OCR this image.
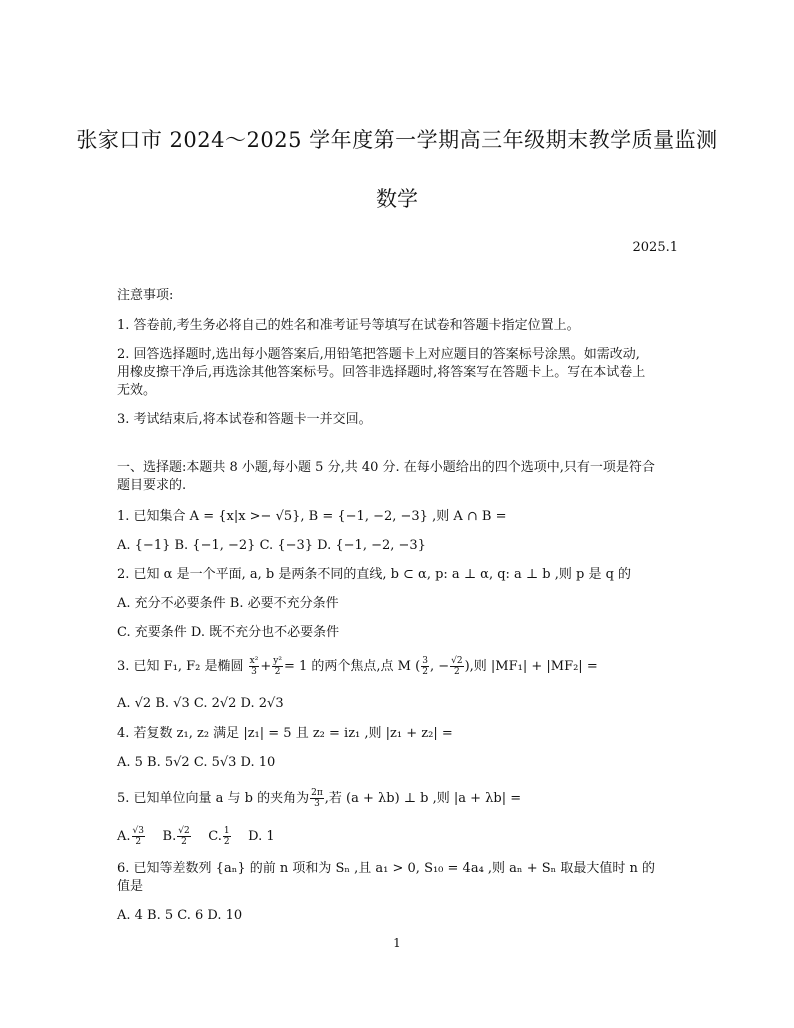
张家口市 2024～2025 学年度第一学期高三年级期末教学质量监测
数学
2025.1
注意事项:
1. 答卷前,考生务必将自己的姓名和准考证号等填写在试卷和答题卡指定位置上。
2. 回答选择题时,选出每小题答案后,用铅笔把答题卡上对应题目的答案标号涂黑。如需改动,
用橡皮擦干净后,再选涂其他答案标号。回答非选择题时,将答案写在答题卡上。写在本试卷上
无效。
3. 考试结束后,将本试卷和答题卡一并交回。
一、选择题:本题共 8 小题,每小题 5 分,共 40 分. 在每小题给出的四个选项中,只有一项是符合
题目要求的.
1. 已知集合 A = {x|x >− √5}, B = {−1, −2, −3} ,则 A ∩ B =
A. {−1} B. {−1, −2} C. {−3} D. {−1, −2, −3}
2. 已知 α 是一个平面, a, b 是两条不同的直线, b ⊂ α, p: a ⊥ α, q: a ⊥ b ,则 p 是 q 的
A. 充分不必要条件 B. 必要不充分条件
C. 充要条件 D. 既不充分也不必要条件
3. 已知 F₁, F₂ 是椭圆 $\frac{\text{x²}}{3} + \frac{\text{y²}}{2} = 1$ 的两个焦点,点 M ( $\frac{3}{2}$ , − $\frac{√2}{2}$ ),则 |MF₁| + |MF₂| =
A. √2 B. √3 C. 2√2 D. 2√3
4. 若复数 z₁, z₂ 满足 |z₁| = 5 且 z₂ = iz₁ ,则 |z₁ + z₂| =
A. 5 B. 5√2 C. 5√3 D. 10
5. 已知单位向量 a 与 b 的夹角为 $\frac{2\pi}{3}$ ,若 (a + λb) ⊥ b ,则 |a + λb| =
A. $\frac{√3}{2} B$. $\frac{√2}{2} C$. $\frac{1}{2} D$. 1
6. 已知等差数列 {aₙ} 的前 n 项和为 Sₙ ,且 a₁ > 0, S₁₀ = 4a₄ ,则 aₙ + Sₙ 取最大值时 n 的
值是
A. 4 B. 5 C. 6 D. 10
1
